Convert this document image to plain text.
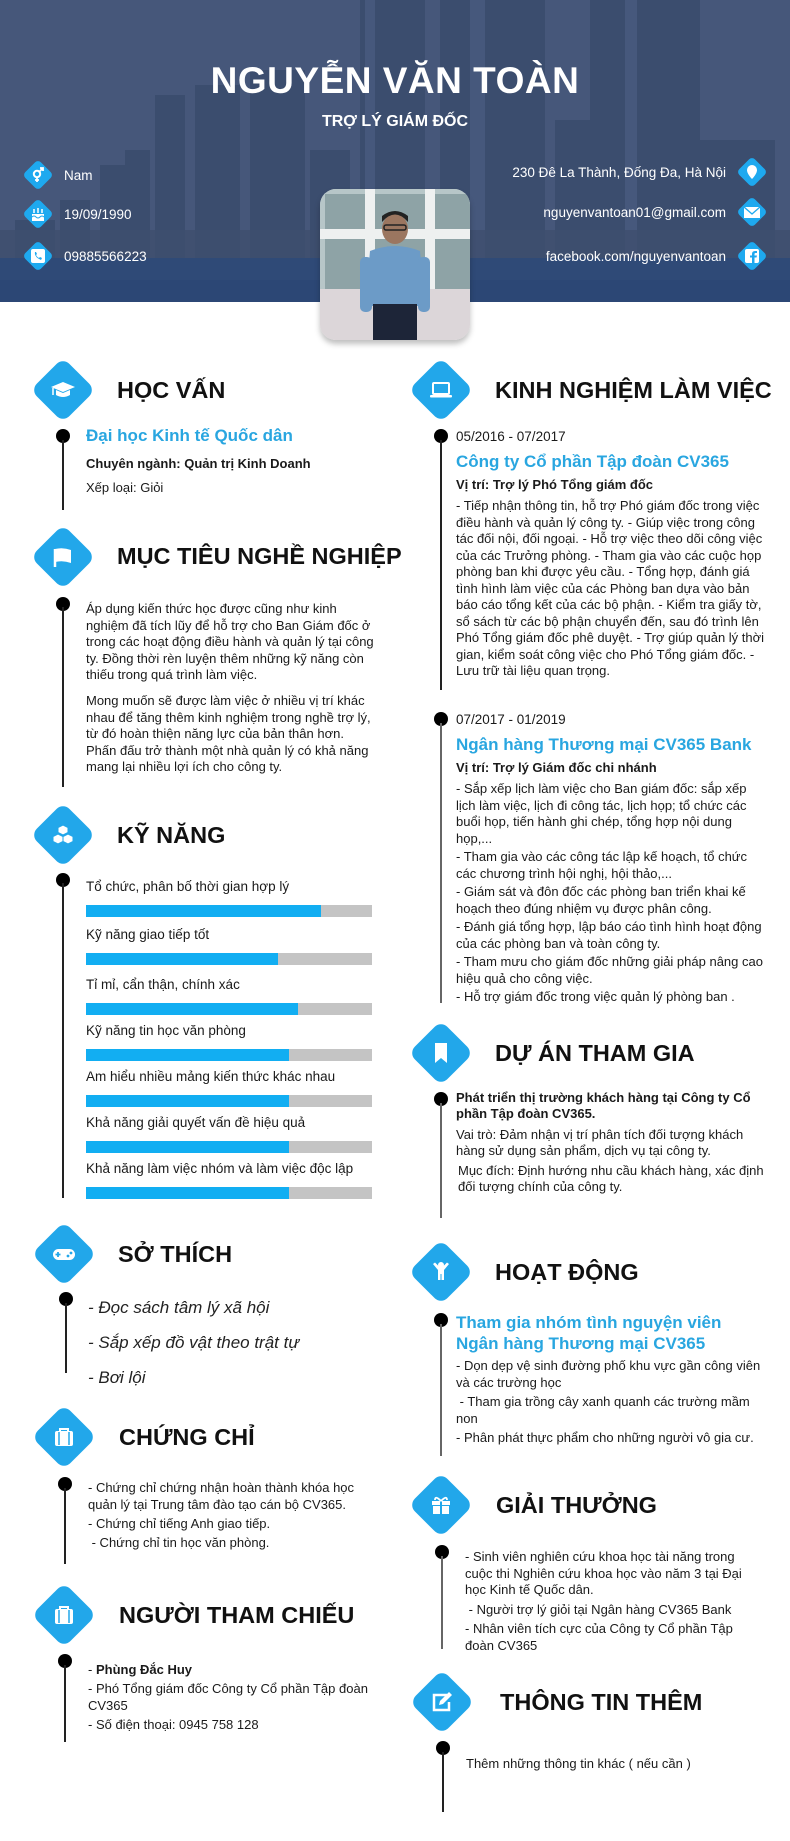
NGUYỄN VĂN TOÀN
TRỢ LÝ GIÁM ĐỐC
Nam
19/09/1990
09885566223
230 Đê La Thành, Đống Đa, Hà Nội
nguyenvantoan01@gmail.com
facebook.com/nguyenvantoan
HỌC VẤN
Đại học Kinh tế Quốc dân
Chuyên ngành: Quản trị Kinh Doanh
Xếp loại: Giỏi
MỤC TIÊU NGHỀ NGHIỆP
Áp dụng kiến thức học được cũng như kinh nghiệm đã tích lũy để hỗ trợ cho Ban Giám đốc ở trong các hoạt động điều hành và quản lý tại công ty. Đồng thời rèn luyện thêm những kỹ năng còn thiếu trong quá trình làm việc.
Mong muốn sẽ được làm việc ở nhiều vị trí khác nhau để tăng thêm kinh nghiệm trong nghề trợ lý, từ đó hoàn thiện năng lực của bản thân hơn. Phấn đấu trở thành một nhà quản lý có khả năng mang lại nhiều lợi ích cho công ty.
KỸ NĂNG
Tổ chức, phân bố thời gian hợp lý
Kỹ năng giao tiếp tốt
Tỉ mỉ, cẩn thận, chính xác
Kỹ năng tin học văn phòng
Am hiểu nhiều mảng kiến thức khác nhau
Khả năng giải quyết vấn đề hiệu quả
Khả năng làm việc nhóm và làm việc độc lập
SỞ THÍCH
- Đọc sách tâm lý xã hội
- Sắp xếp đồ vật theo trật tự
- Bơi lội
CHỨNG CHỈ
- Chứng chỉ chứng nhận hoàn thành khóa học quản lý tại Trung tâm đào tạo cán bộ CV365.
- Chứng chỉ tiếng Anh giao tiếp.
- Chứng chỉ tin học văn phòng.
NGƯỜI THAM CHIẾU
- Phùng Đắc Huy
- Phó Tổng giám đốc Công ty Cổ phần Tập đoàn CV365
- Số điện thoại: 0945 758 128
KINH NGHIỆM LÀM VIỆC
05/2016 - 07/2017
Công ty Cổ phần Tập đoàn CV365
Vị trí: Trợ lý Phó Tổng giám đốc
- Tiếp nhận thông tin, hỗ trợ Phó giám đốc trong việc điều hành và quản lý công ty. - Giúp việc trong công tác đối nội, đối ngoại. - Hỗ trợ việc theo dõi công việc của các Trưởng phòng. - Tham gia vào các cuộc họp phòng ban khi được yêu cầu. - Tổng hợp, đánh giá tình hình làm việc của các Phòng ban dựa vào bản báo cáo tổng kết của các bộ phận. - Kiểm tra giấy tờ, sổ sách từ các bộ phận chuyển đến, sau đó trình lên Phó Tổng giám đốc phê duyệt. - Trợ giúp quản lý thời gian, kiểm soát công việc cho Phó Tổng giám đốc. - Lưu trữ tài liệu quan trọng.
07/2017 - 01/2019
Ngân hàng Thương mại CV365 Bank
Vị trí: Trợ lý Giám đốc chi nhánh
- Sắp xếp lịch làm việc cho Ban giám đốc: sắp xếp lịch làm việc, lịch đi công tác, lịch họp; tổ chức các buổi họp, tiến hành ghi chép, tổng hợp nội dung họp,...
- Tham gia vào các công tác lập kế hoạch, tổ chức các chương trình hội nghị, hội thảo,...
- Giám sát và đôn đốc các phòng ban triển khai kế hoạch theo đúng nhiệm vụ được phân công.
- Đánh giá tổng hợp, lập báo cáo tình hình hoạt động của các phòng ban và toàn công ty.
- Tham mưu cho giám đốc những giải pháp nâng cao hiệu quả cho công việc.
- Hỗ trợ giám đốc trong việc quản lý phòng ban .
DỰ ÁN THAM GIA
Phát triển thị trường khách hàng tại Công ty Cổ phần Tập đoàn CV365.
Vai trò: Đảm nhận vị trí phân tích đối tượng khách hàng sử dụng sản phẩm, dịch vụ tại công ty.
Mục đích: Định hướng nhu cầu khách hàng, xác định đối tượng chính của công ty.
HOẠT ĐỘNG
Tham gia nhóm tình nguyện viên Ngân hàng Thương mại CV365
- Dọn dẹp vệ sinh đường phố khu vực gần công viên và các trường học
- Tham gia trồng cây xanh quanh các trường mầm non
- Phân phát thực phẩm cho những người vô gia cư.
GIẢI THƯỞNG
- Sinh viên nghiên cứu khoa học tài năng trong cuộc thi Nghiên cứu khoa học vào năm 3 tại Đại học Kinh tế Quốc dân.
- Người trợ lý giỏi tại Ngân hàng CV365 Bank
- Nhân viên tích cực của Công ty Cổ phần Tập đoàn CV365
THÔNG TIN THÊM
Thêm những thông tin khác ( nếu cần )
